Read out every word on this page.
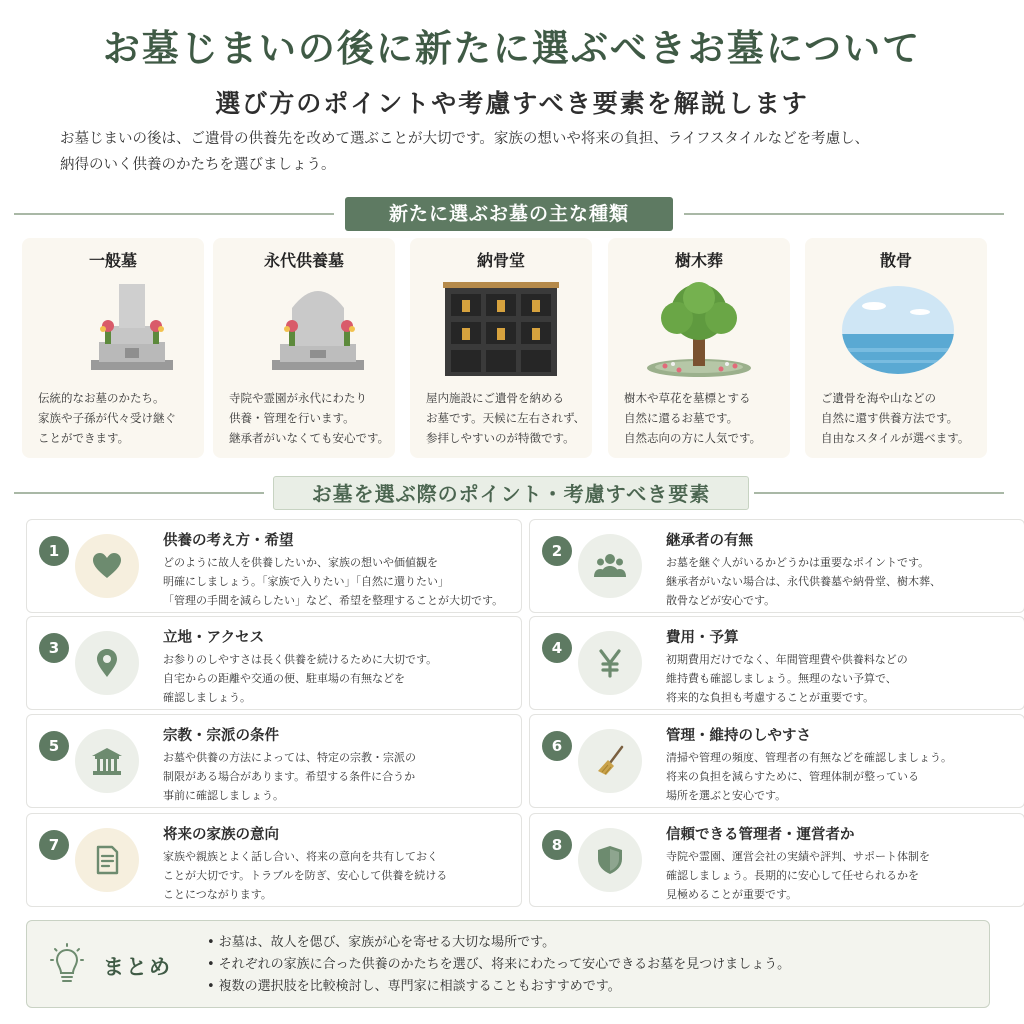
お墓じまいの後に新たに選ぶべきお墓について
選び方のポイントや考慮すべき要素を解説します

お墓じまいの後は、ご遺骨の供養先を改めて選ぶことが大切です。家族の想いや将来の負担、ライフスタイルなどを考慮し、

納得のいく供養のかたちを選びましょう。

新たに選ぶお墓の主な種類
一般墓

伝統的なお墓のかたち。

家族や子孫が代々受け継ぐ

ことができます。

永代供養墓

寺院や霊園が永代にわたり

供養・管理を行います。

継承者がいなくても安心です。

納骨堂

屋内施設にご遺骨を納める

お墓です。天候に左右されず、

参拝しやすいのが特徴です。

樹木葬

樹木や草花を墓標とする

自然に還るお墓です。

自然志向の方に人気です。

散骨

ご遺骨を海や山などの

自然に還す供養方法です。

自由なスタイルが選べます。

お墓を選ぶ際のポイント・考慮すべき要素
1
供養の考え方・希望

どのように故人を供養したいか、家族の想いや価値観を

明確にしましょう。「家族で入りたい」「自然に還りたい」

「管理の手間を減らしたい」など、希望を整理することが大切です。

2
継承者の有無

お墓を継ぐ人がいるかどうかは重要なポイントです。

継承者がいない場合は、永代供養墓や納骨堂、樹木葬、

散骨などが安心です。

3
立地・アクセス

お参りのしやすさは長く供養を続けるために大切です。

自宅からの距離や交通の便、駐車場の有無などを

確認しましょう。

4
費用・予算

初期費用だけでなく、年間管理費や供養料などの

維持費も確認しましょう。無理のない予算で、

将来的な負担も考慮することが重要です。

5
宗教・宗派の条件

お墓や供養の方法によっては、特定の宗教・宗派の

制限がある場合があります。希望する条件に合うか

事前に確認しましょう。

6
管理・維持のしやすさ

清掃や管理の頻度、管理者の有無などを確認しましょう。

将来の負担を減らすために、管理体制が整っている

場所を選ぶと安心です。

7
将来の家族の意向

家族や親族とよく話し合い、将来の意向を共有しておく

ことが大切です。トラブルを防ぎ、安心して供養を続ける

ことにつながります。

8
信頼できる管理者・運営者か

寺院や霊園、運営会社の実績や評判、サポート体制を

確認しましょう。長期的に安心して任せられるかを

見極めることが重要です。

まとめ
• お墓は、故人を偲び、家族が心を寄せる大切な場所です。
• それぞれの家族に合った供養のかたちを選び、将来にわたって安心できるお墓を見つけましょう。
• 複数の選択肢を比較検討し、専門家に相談することもおすすめです。
